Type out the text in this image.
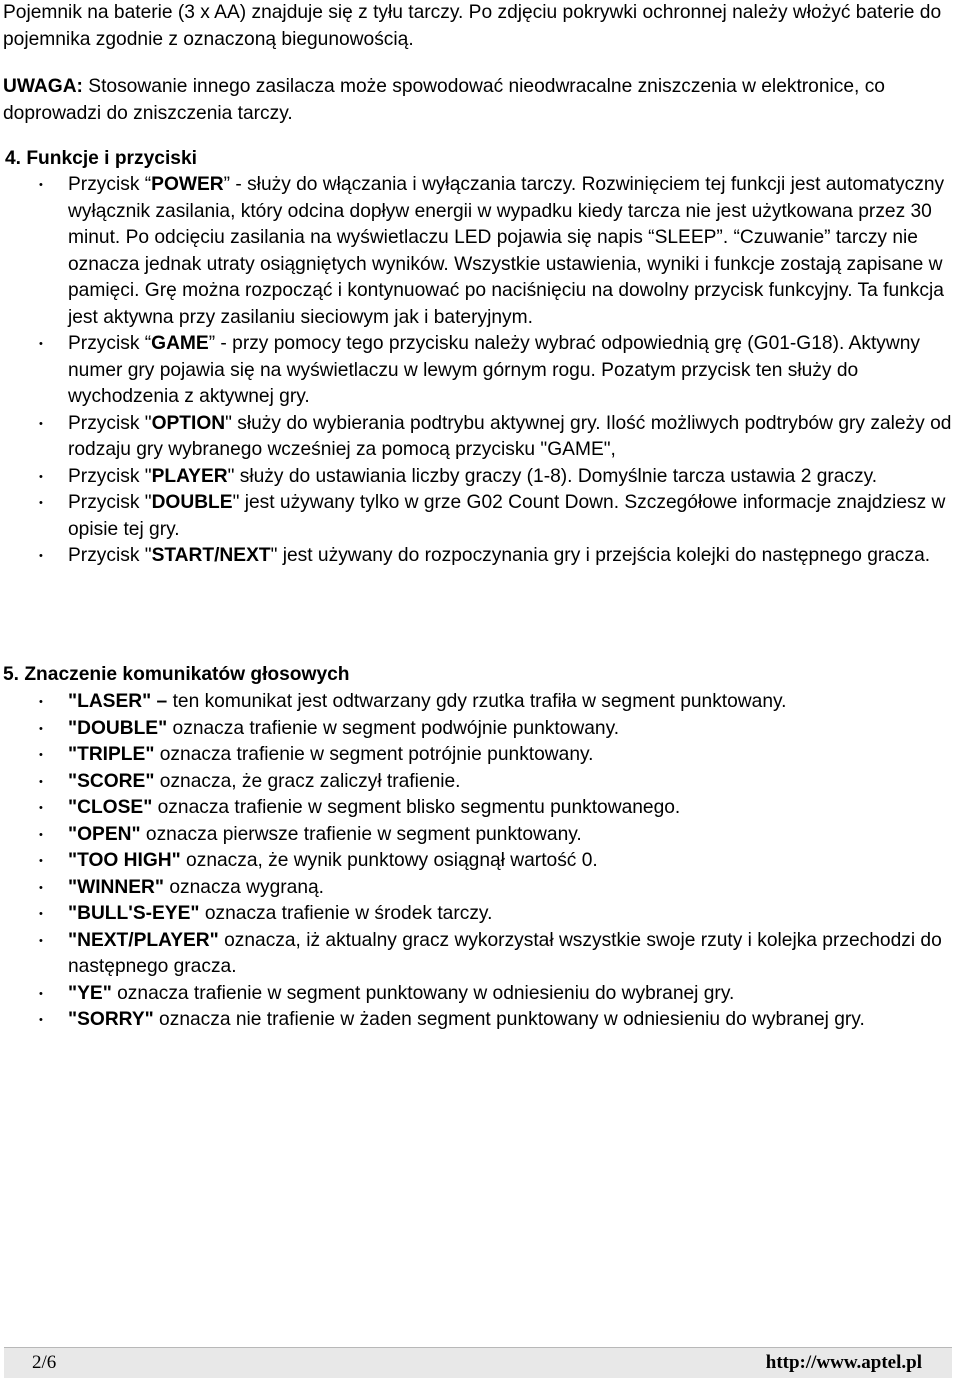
Pojemnik na baterie (3 x AA) znajduje się z tyłu tarczy. Po zdjęciu pokrywki ochronnej należy włożyć baterie do pojemnika zgodnie z oznaczoną biegunowością.

UWAGA: Stosowanie innego zasilacza może spowodować nieodwracalne zniszczenia w elektronice, co doprowadzi do zniszczenia tarczy.

4. Funkcje i przyciski
• Przycisk “POWER” - służy do włączania i wyłączania tarczy. Rozwinięciem tej funkcji jest automatyczny wyłącznik zasilania, który odcina dopływ energii w wypadku kiedy tarcza nie jest użytkowana przez 30 minut. Po odcięciu zasilania na wyświetlaczu LED pojawia się napis “SLEEP”. “Czuwanie” tarczy nie oznacza jednak utraty osiągniętych wyników. Wszystkie ustawienia, wyniki i funkcje zostają zapisane w pamięci. Grę można rozpocząć i kontynuować po naciśnięciu na dowolny przycisk funkcyjny. Ta funkcja jest aktywna przy zasilaniu sieciowym jak i bateryjnym.
• Przycisk “GAME” - przy pomocy tego przycisku należy wybrać odpowiednią grę (G01-G18). Aktywny numer gry pojawia się na wyświetlaczu w lewym górnym rogu. Pozatym przycisk ten służy do wychodzenia z aktywnej gry.
• Przycisk "OPTION" służy do wybierania podtrybu aktywnej gry. Ilość możliwych podtrybów gry zależy od rodzaju gry wybranego wcześniej za pomocą przycisku "GAME",
• Przycisk "PLAYER" służy do ustawiania liczby graczy (1-8). Domyślnie tarcza ustawia 2 graczy.
• Przycisk "DOUBLE" jest używany tylko w grze G02 Count Down. Szczegółowe informacje znajdziesz w opisie tej gry.
• Przycisk "START/NEXT" jest używany do rozpoczynania gry i przejścia kolejki do następnego gracza.
5. Znaczenie komunikatów głosowych
• "LASER" – ten komunikat jest odtwarzany gdy rzutka trafiła w segment punktowany.
• "DOUBLE" oznacza trafienie w segment podwójnie punktowany.
• "TRIPLE" oznacza trafienie w segment potrójnie punktowany.
• "SCORE" oznacza, że gracz zaliczył trafienie.
• "CLOSE" oznacza trafienie w segment blisko segmentu punktowanego.
• "OPEN" oznacza pierwsze trafienie w segment punktowany.
• "TOO HIGH" oznacza, że wynik punktowy osiągnął wartość 0.
• "WINNER" oznacza wygraną.
• "BULL'S-EYE" oznacza trafienie w środek tarczy.
• "NEXT/PLAYER" oznacza, iż aktualny gracz wykorzystał wszystkie swoje rzuty i kolejka przechodzi do następnego gracza.
• "YE" oznacza trafienie w segment punktowany w odniesieniu do wybranej gry.
• "SORRY" oznacza nie trafienie w żaden segment punktowany w odniesieniu do wybranej gry.
2/6	http://www.aptel.pl
